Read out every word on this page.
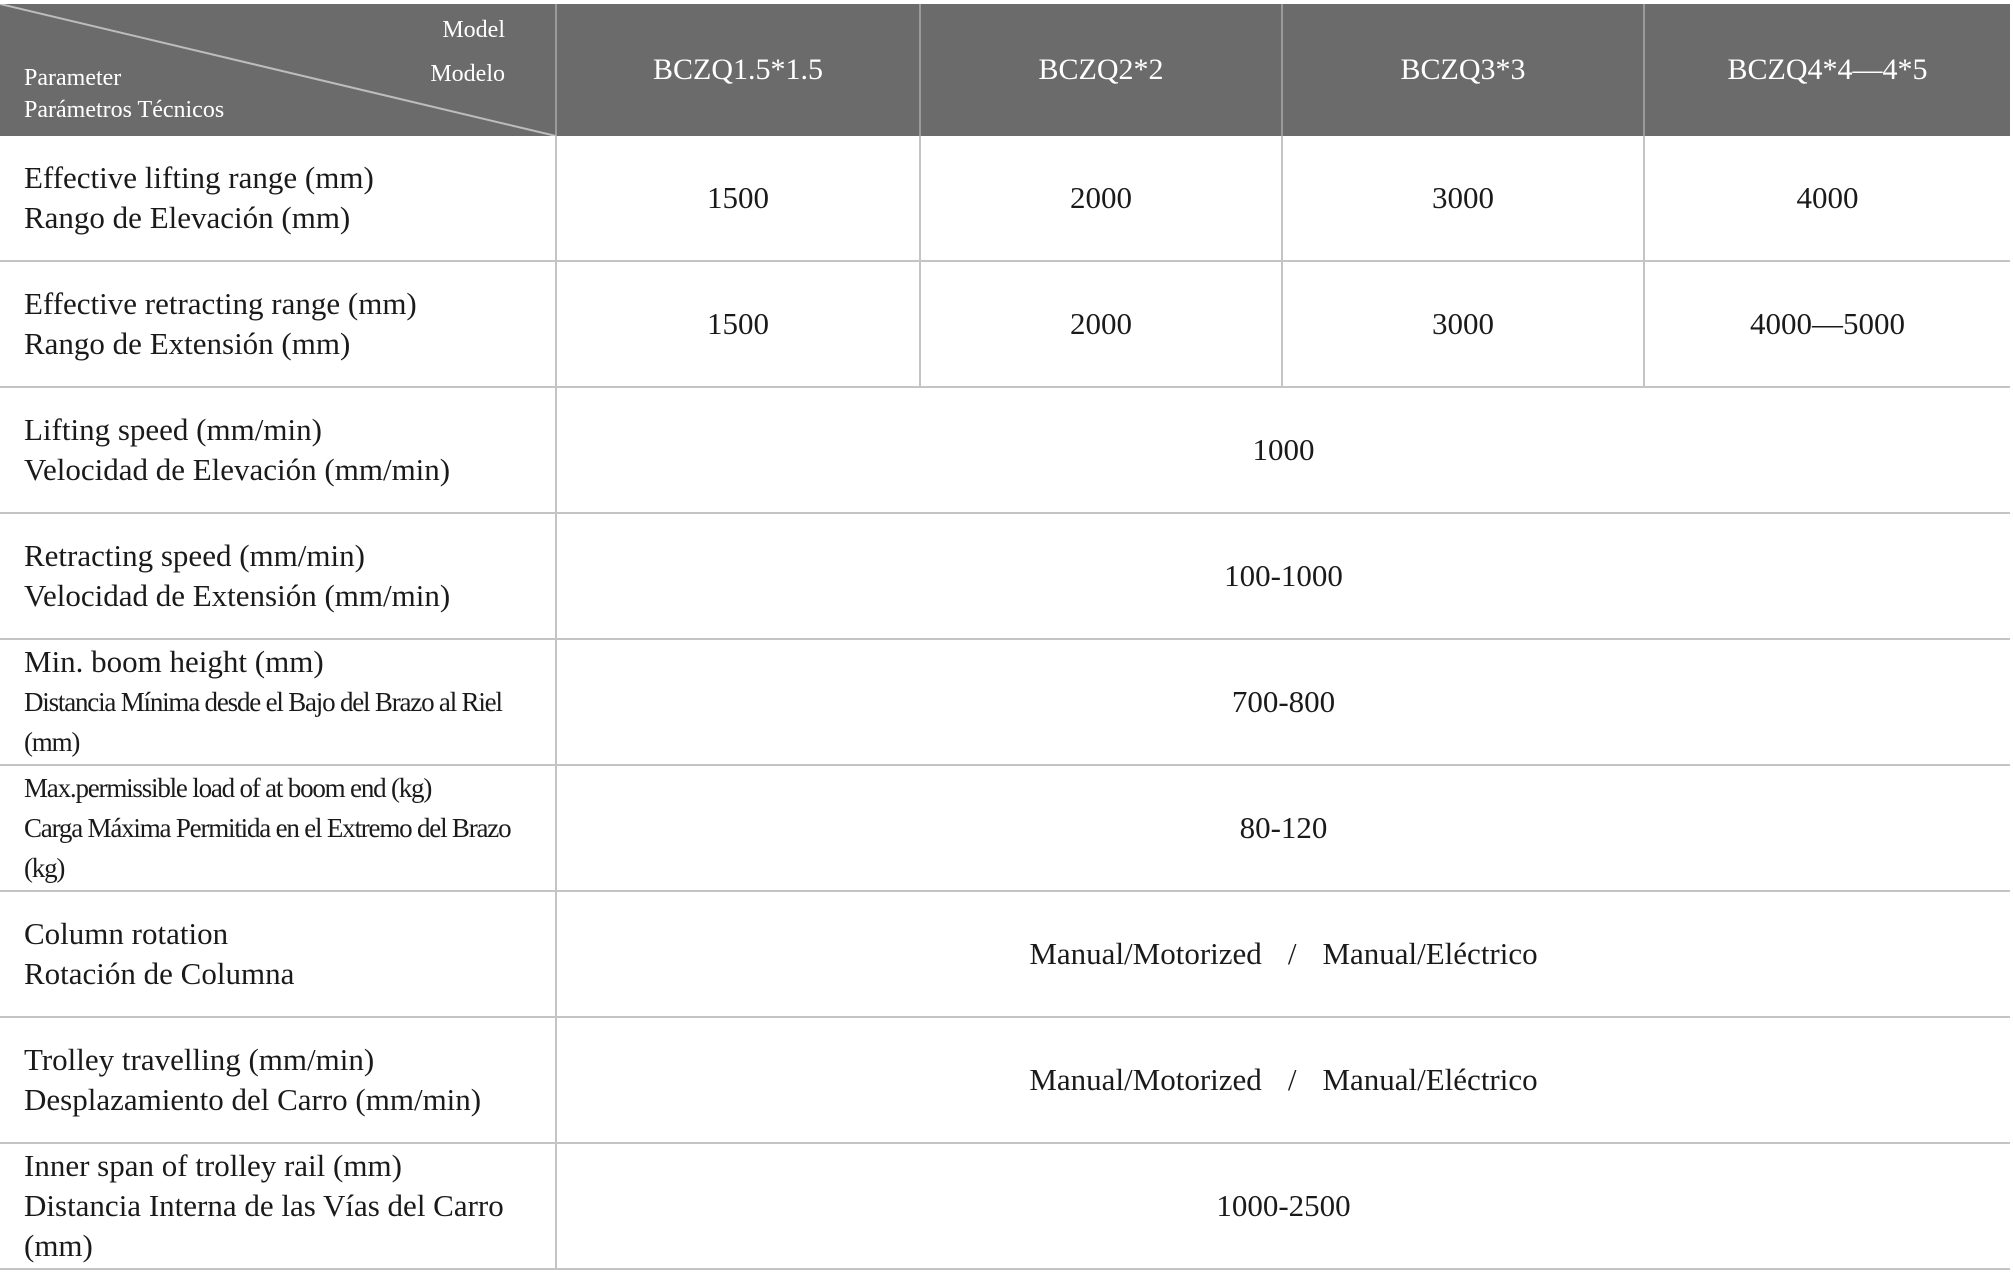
Model
Modelo
Parameter
Parámetros Técnicos	BCZQ1.5*1.5	BCZQ2*2	BCZQ3*3	BCZQ4*4—4*5

Effective lifting range (mm)
Rango de Elevación (mm)	1500	2000	3000	4000

Effective retracting range (mm)
Rango de Extensión (mm)	1500	2000	3000	4000—5000

Lifting speed (mm/min)
Velocidad de Elevación (mm/min)	1000			

Retracting speed (mm/min)
Velocidad de Extensión (mm/min)	100-1000			

Min. boom height (mm)
Distancia Mínima desde el Bajo del Brazo al Riel (mm)	700-800			

Max.permissible load of at boom end (kg)
Carga Máxima Permitida en el Extremo del Brazo (kg)	80-120			

Column rotation
Rotación de Columna	Manual/Motorized / Manual/Eléctrico			

Trolley travelling (mm/min)
Desplazamiento del Carro (mm/min)	Manual/Motorized / Manual/Eléctrico			

Inner span of trolley rail (mm)
Distancia Interna de las Vías del Carro (mm)	1000-2500			
